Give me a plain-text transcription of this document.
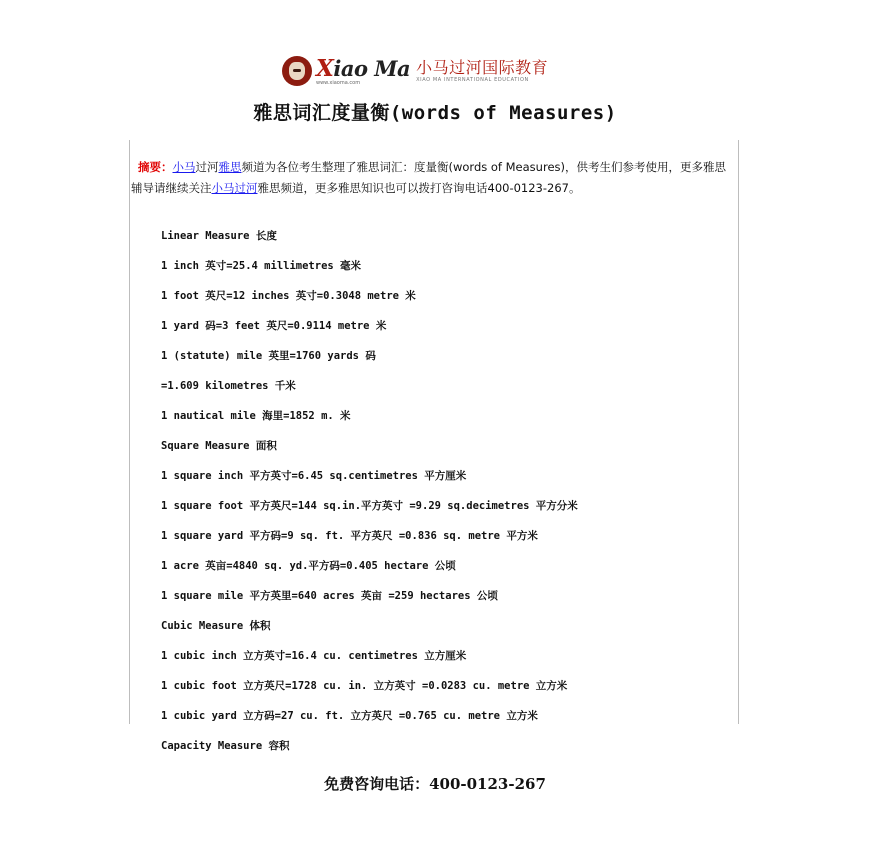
Xiao Ma
www.xiaoma.com
小马过河国际教育
XIAO MA INTERNATIONAL EDUCATION
雅思词汇度量衡(words of Measures)
摘要：小马过河雅思频道为各位考生整理了雅思词汇：度量衡(words of Measures)，供考生们参考使用，更多雅思辅导请继续关注小马过河雅思频道，更多雅思知识也可以拨打咨询电话400-0123-267。
Linear Measure 长度
1 inch 英寸=25.4 millimetres 毫米
1 foot 英尺=12 inches 英寸=0.3048 metre 米
1 yard 码=3 feet 英尺=0.9114 metre 米
1 (statute) mile 英里=1760 yards 码
=1.609 kilometres 千米
1 nautical mile 海里=1852 m. 米
Square Measure 面积
1 square inch 平方英寸=6.45 sq.centimetres 平方厘米
1 square foot 平方英尺=144 sq.in.平方英寸 =9.29 sq.decimetres 平方分米
1 square yard 平方码=9 sq. ft. 平方英尺 =0.836 sq. metre 平方米
1 acre 英亩=4840 sq. yd.平方码=0.405 hectare 公顷
1 square mile 平方英里=640 acres 英亩 =259 hectares 公顷
Cubic Measure 体积
1 cubic inch 立方英寸=16.4 cu. centimetres 立方厘米
1 cubic foot 立方英尺=1728 cu. in. 立方英寸 =0.0283 cu. metre 立方米
1 cubic yard 立方码=27 cu. ft. 立方英尺 =0.765 cu. metre 立方米
Capacity Measure 容积
免费咨询电话：400-0123-267
